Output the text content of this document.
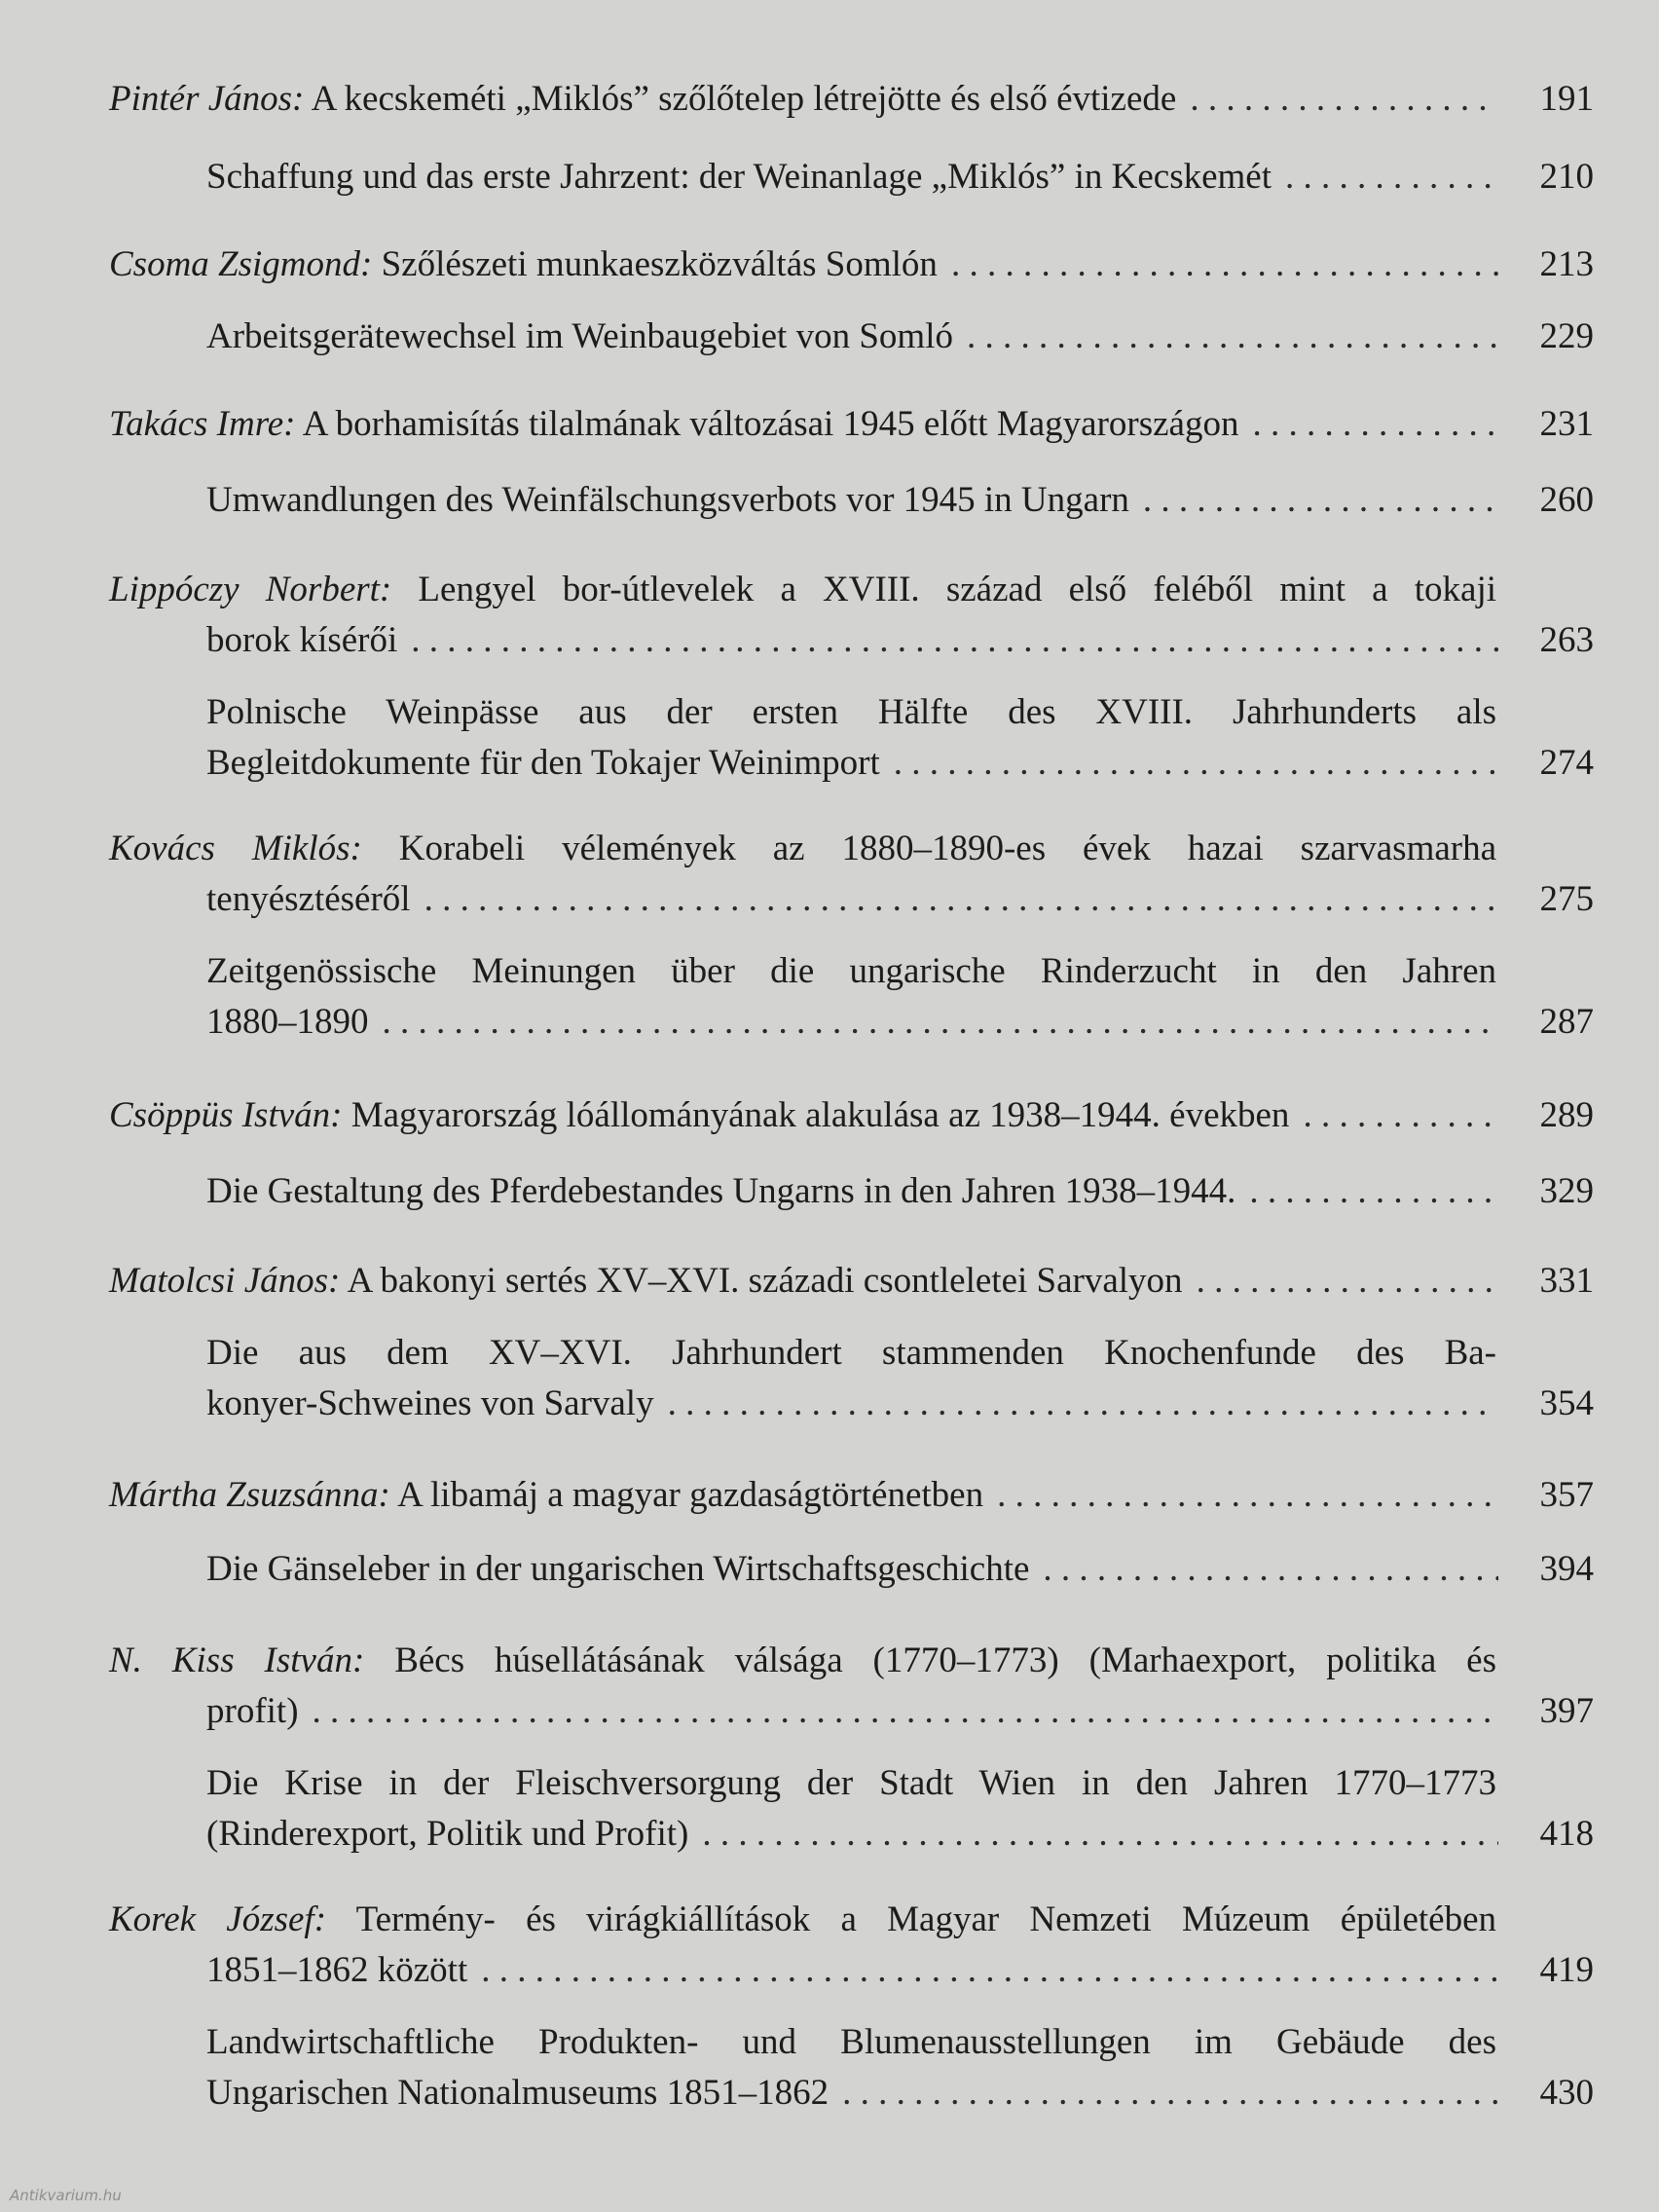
Pintér János: A kecskeméti „Miklós” szőlőtelep létrejötte és első évtizede . . .	191
Schaffung und das erste Jahrzent: der Weinanlage „Miklós” in Kecskemét . . .	210
Csoma Zsigmond: Szőlészeti munkaeszközváltás Somlón . . .	213
Arbeitsgerätewechsel im Weinbaugebiet von Somló . . .	229
Takács Imre: A borhamisítás tilalmának változásai 1945 előtt Magyarországon . . .	231
Umwandlungen des Weinfälschungsverbots vor 1945 in Ungarn . . .	260
Lippóczy Norbert: Lengyel bor-útlevelek a XVIII. század első feléből mint a tokaji
borok kísérői . . .	263
Polnische Weinpässe aus der ersten Hälfte des XVIII. Jahrhunderts als
Begleitdokumente für den Tokajer Weinimport . . .	274
Kovács Miklós: Korabeli vélemények az 1880–1890-es évek hazai szarvasmarha
tenyésztéséről . . .	275
Zeitgenössische Meinungen über die ungarische Rinderzucht in den Jahren
1880–1890 . . .	287
Csöppüs István: Magyarország lóállományának alakulása az 1938–1944. években . . .	289
Die Gestaltung des Pferdebestandes Ungarns in den Jahren 1938–1944. . . .	329
Matolcsi János: A bakonyi sertés XV–XVI. századi csontleletei Sarvalyon . . .	331
Die aus dem XV–XVI. Jahrhundert stammenden Knochenfunde des Ba-
konyer-Schweines von Sarvaly . . .	354
Mártha Zsuzsánna: A libamáj a magyar gazdaságtörténetben . . .	357
Die Gänseleber in der ungarischen Wirtschaftsgeschichte . . .	394
N. Kiss István: Bécs húsellátásának válsága (1770–1773) (Marhaexport, politika és
profit) . . .	397
Die Krise in der Fleischversorgung der Stadt Wien in den Jahren 1770–1773
(Rinderexport, Politik und Profit) . . .	418
Korek József: Termény- és virágkiállítások a Magyar Nemzeti Múzeum épületében
1851–1862 között . . .	419
Landwirtschaftliche Produkten- und Blumenausstellungen im Gebäude des
Ungarischen Nationalmuseums 1851–1862 . . .	430
Antikvarium.hu
